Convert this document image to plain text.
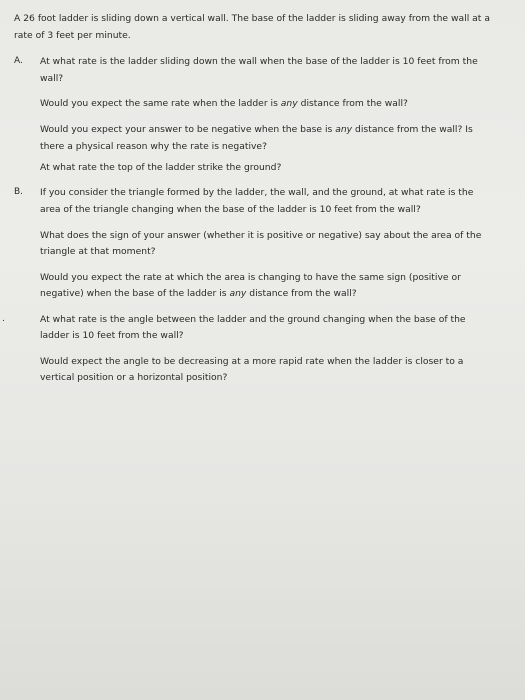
A 26 foot ladder is sliding down a vertical wall. The base of the ladder is sliding away from the wall at a

rate of 3 feet per minute.

A. At what rate is the ladder sliding down the wall when the base of the ladder is 10 feet from the

wall?

Would you expect the same rate when the ladder is any distance from the wall?

Would you expect your answer to be negative when the base is any distance from the wall? Is

there a physical reason why the rate is negative?

At what rate the top of the ladder strike the ground?

B. If you consider the triangle formed by the ladder, the wall, and the ground, at what rate is the

area of the triangle changing when the base of the ladder is 10 feet from the wall?

What does the sign of your answer (whether it is positive or negative) say about the area of the

triangle at that moment?

Would you expect the rate at which the area is changing to have the same sign (positive or

negative) when the base of the ladder is any distance from the wall?

.	At what rate is the angle between the ladder and the ground changing when the base of the

ladder is 10 feet from the wall?

Would expect the angle to be decreasing at a more rapid rate when the ladder is closer to a

vertical position or a horizontal position?
